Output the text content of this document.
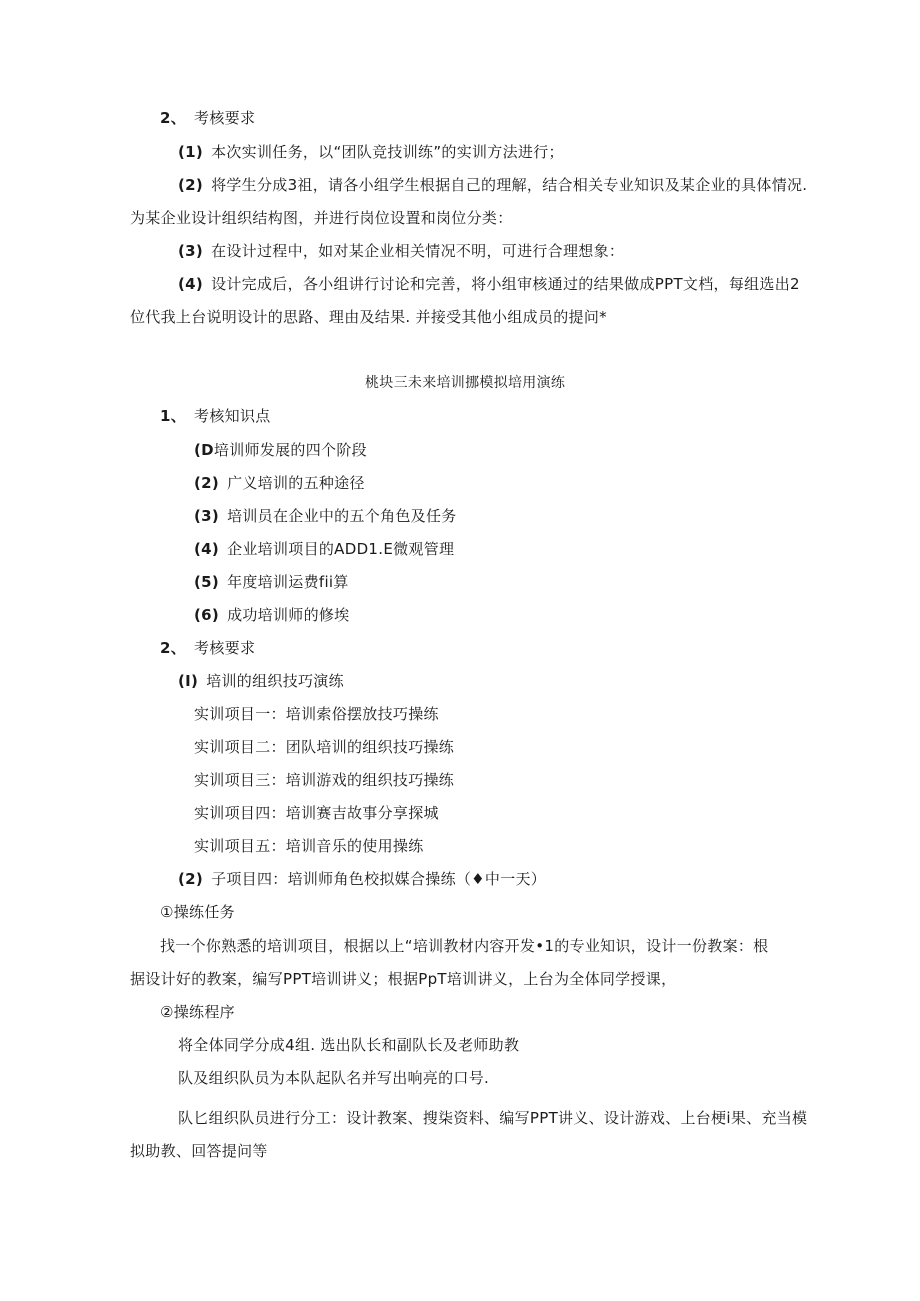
2、 考核要求
(1) 本次实训任务，以“团队竞技训练”的实训方法进行；
(2) 将学生分成3祖，请各小组学生根据自己的理解，结合相关专业知识及某企业的具体情况.
为某企业设计组织结构图，并进行岗位设置和岗位分类：
(3) 在设计过程中，如对某企业相关情况不明，可进行合理想象：
(4) 设计完成后，各小组讲行讨论和完善，将小组审核通过的结果做成PPT文档，每组选出2
位代我上台说明设计的思路、理由及结果. 并接受其他小组成员的提问*
桃块三未来培训挪模拟培用演练
1、 考核知识点
(D培训师发展的四个阶段
(2) 广义培训的五种途径
(3) 培训员在企业中的五个角色及任务
(4) 企业培训项目的ADD1.E微观管理
(5) 年度培训运费fii算
(6) 成功培训师的修埃
2、 考核要求
(I) 培训的组织技巧演练
实训项目一：培训索俗摆放技巧操练
实训项目二：团队培训的组织技巧操练
实训项目三：培训游戏的组织技巧操练
实训项目四：培训赛吉故事分享探城
实训项目五：培训音乐的使用操练
(2) 子项目四：培训师角色校拟媒合操练（♦中一天）
①操练任务
找一个你熟悉的培训项目，根据以上“培训教材内容开发•1的专业知识，设计一份教案：根
据设计好的教案，编写PPT培训讲义；根据PpT培训讲义，上台为全体同学授课，
②操练程序
将全体同学分成4组. 选出队长和副队长及老师助教
队及组织队员为本队起队名并写出响亮的口号.
队匕组织队员进行分工：设计教案、搜柒资料、编写PPT讲义、设计游戏、上台梗i果、充当模
拟助教、回答提问等
